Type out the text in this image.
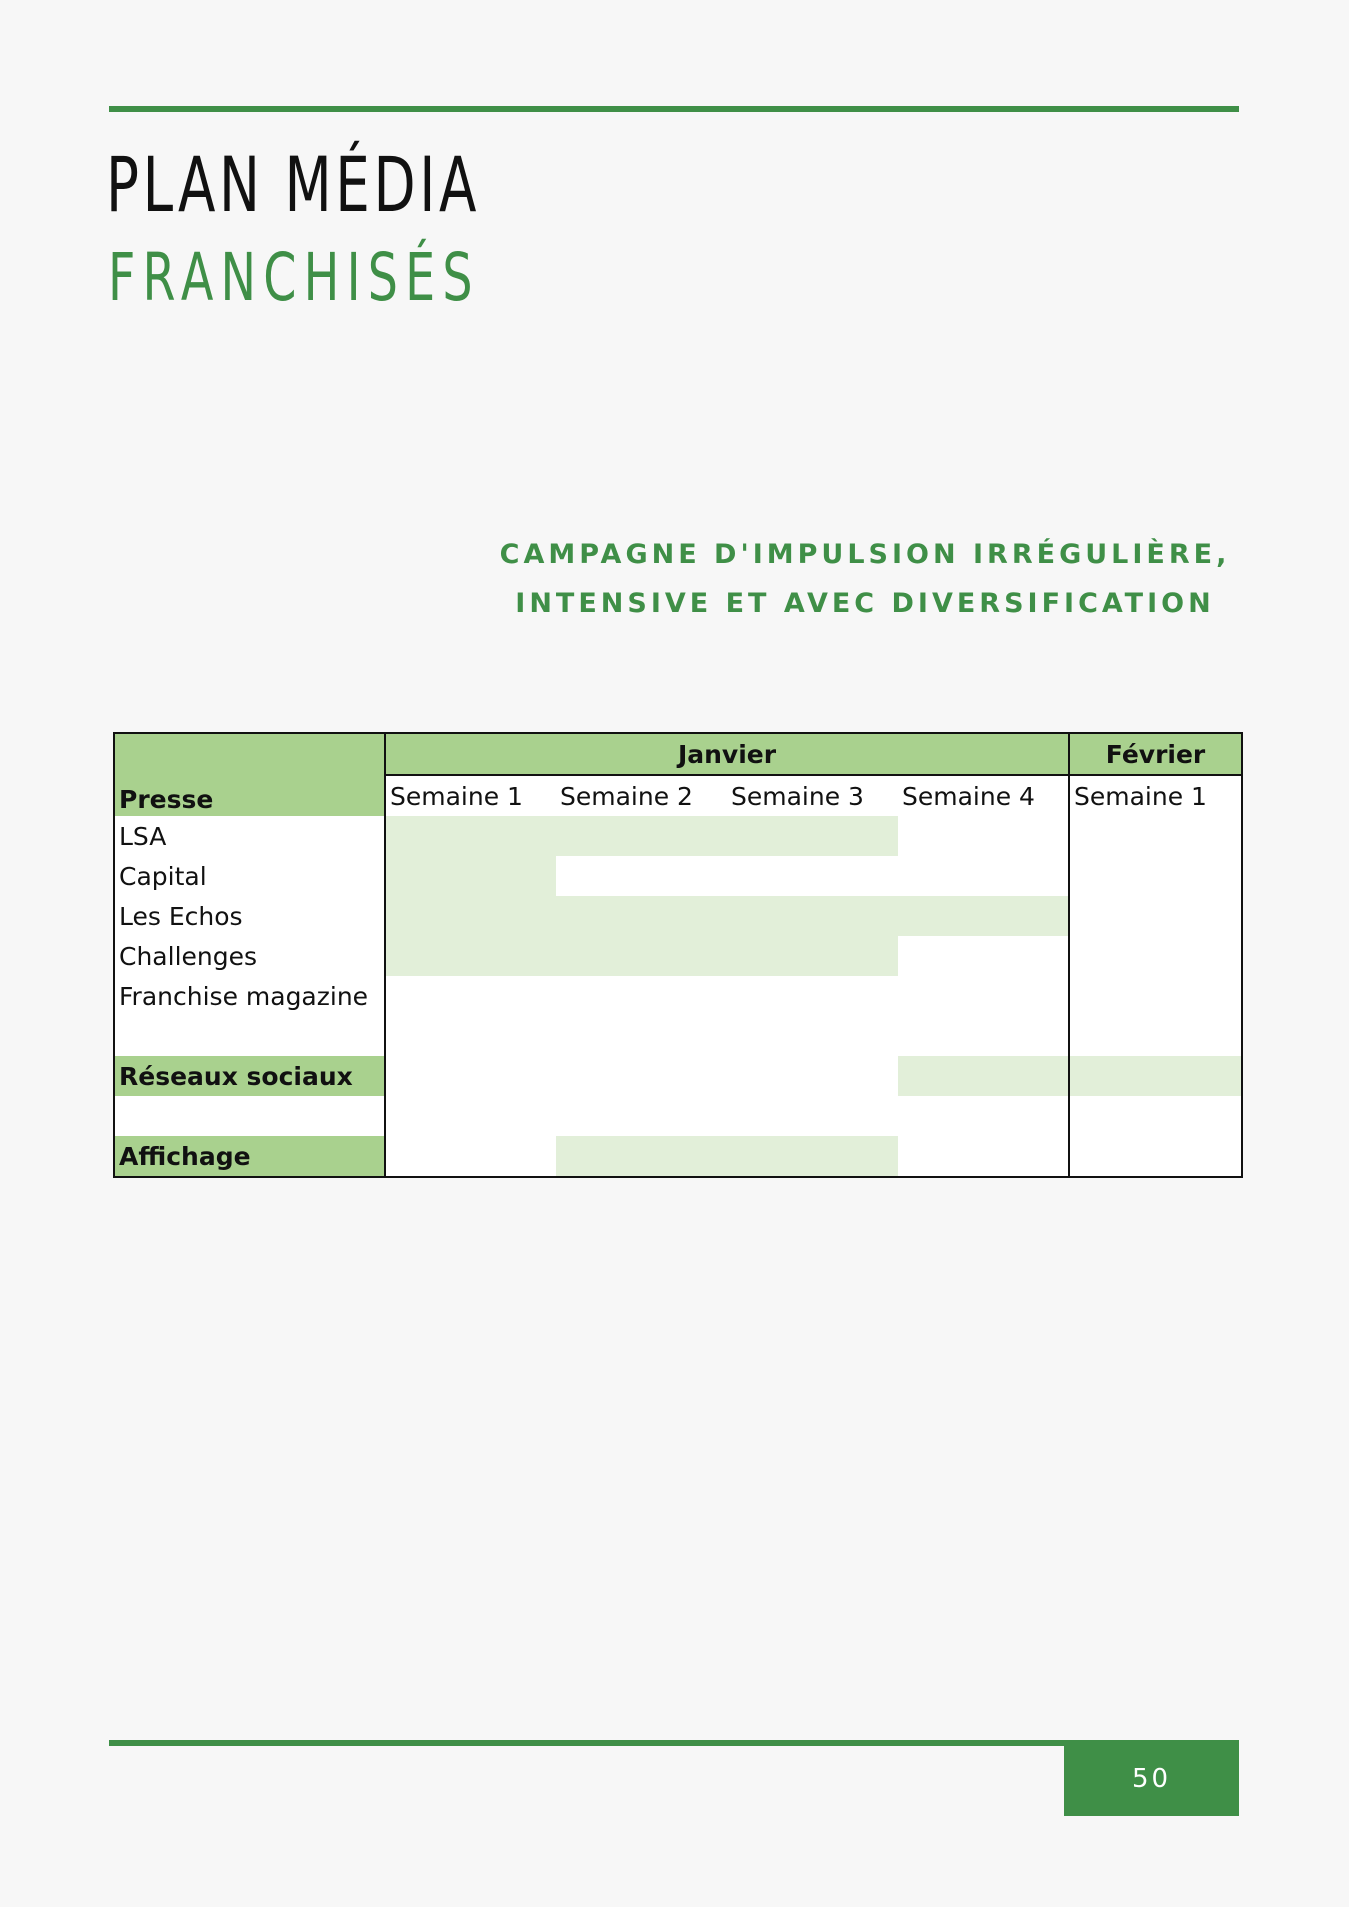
PLAN MÉDIA
FRANCHISÉS
CAMPAGNE D'IMPULSION IRRÉGULIÈRE,
INTENSIVE ET AVEC DIVERSIFICATION
Presse	Janvier				Février
	Semaine 1	Semaine 2	Semaine 3	Semaine 4	Semaine 1
LSA					
Capital					
Les Echos					
Challenges					
Franchise magazine					

Réseaux sociaux					

Affichage					
50
